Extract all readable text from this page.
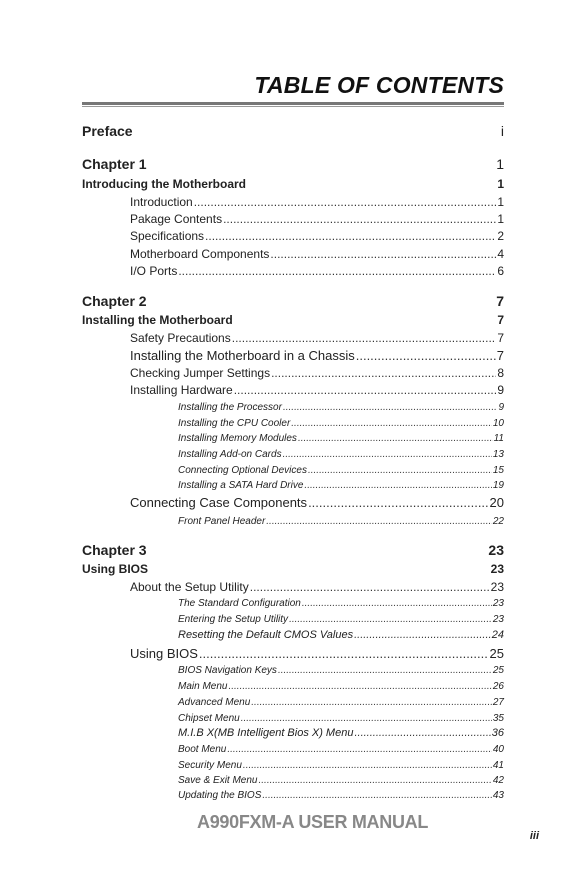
TABLE OF CONTENTS
Preface	i
Chapter 1	1
Introducing the Motherboard	1
Introduction .....	1
Pakage Contents .....	1
Specifications .....	2
Motherboard Components .....	4
I/O Ports .....	6
Chapter 2	7
Installing the Motherboard	7
Safety Precautions .....	7
Installing the Motherboard in a Chassis .....	7
Checking Jumper Settings .....	8
Installing Hardware .....	9
Installing the Processor .....	9
Installing the CPU Cooler .....	10
Installing Memory Modules .....	11
Installing Add-on Cards .....	13
Connecting Optional Devices .....	15
Installing a SATA Hard Drive .....	19
Connecting Case Components .....	20
Front Panel Header .....	22
Chapter 3	23
Using BIOS	23
About the Setup Utility .....	23
The Standard Configuration .....	23
Entering the Setup Utility .....	23
Resetting the Default CMOS Values .....	24
Using BIOS .....	25
BIOS Navigation Keys .....	25
Main Menu .....	26
Advanced Menu .....	27
Chipset Menu .....	35
M.I.B X(MB Intelligent Bios X) Menu .....	36
Boot Menu .....	40
Security Menu .....	41
Save & Exit Menu .....	42
Updating the BIOS .....	43
A990FXM-A USER MANUAL
iii
